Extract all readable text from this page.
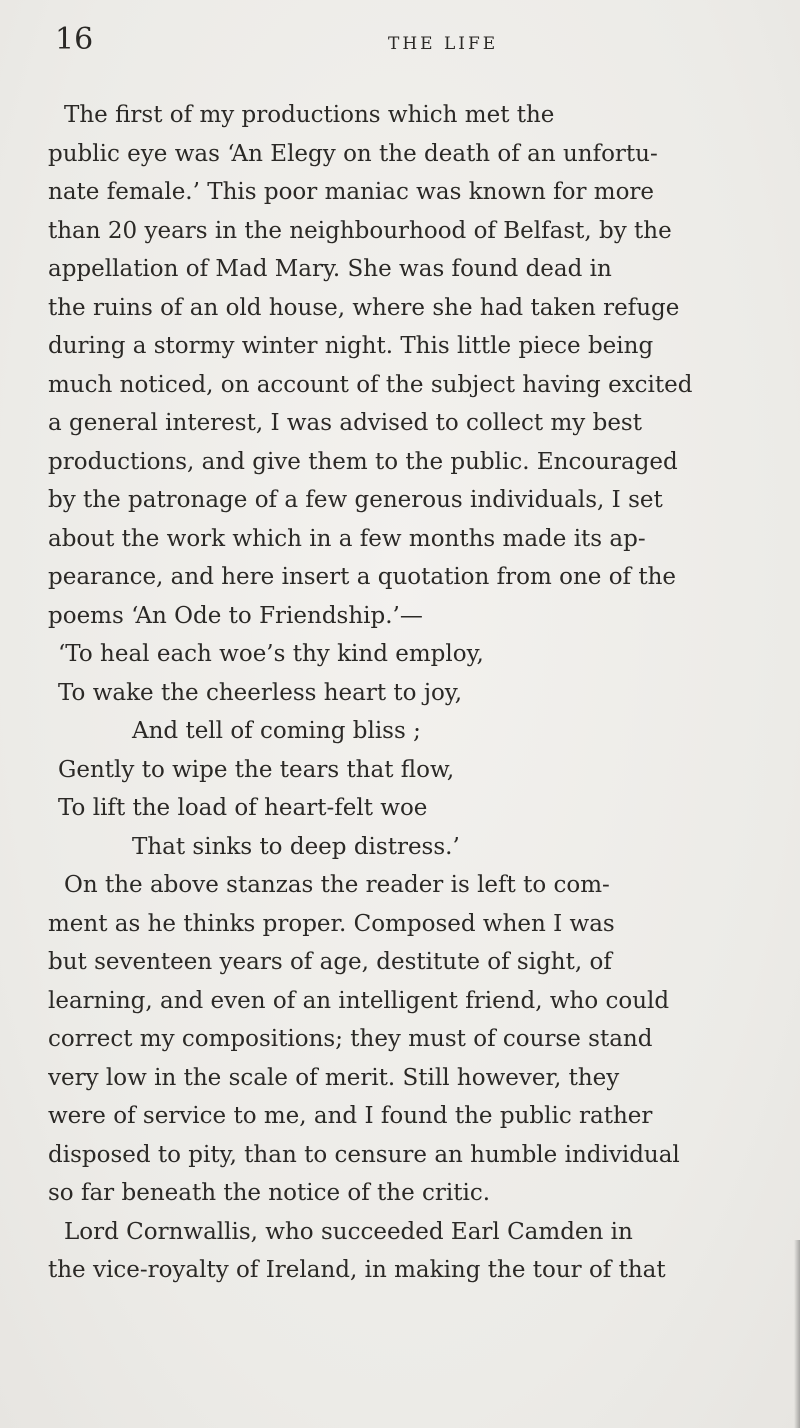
16	THE LIFE
The first of my productions which met the
public eye was ‘An Elegy on the death of an unfortu-
nate female.’ This poor maniac was known for more
than 20 years in the neighbourhood of Belfast, by the
appellation of Mad Mary. She was found dead in
the ruins of an old house, where she had taken refuge
during a stormy winter night. This little piece being
much noticed, on account of the subject having excited
a general interest, I was advised to collect my best
productions, and give them to the public. Encouraged
by the patronage of a few generous individuals, I set
about the work which in a few months made its ap-
pearance, and here insert a quotation from one of the
poems ‘An Ode to Friendship.’—
‘To heal each woe’s thy kind employ,
To wake the cheerless heart to joy,
And tell of coming bliss ;
Gently to wipe the tears that flow,
To lift the load of heart-felt woe
That sinks to deep distress.’
On the above stanzas the reader is left to com-
ment as he thinks proper. Composed when I was
but seventeen years of age, destitute of sight, of
learning, and even of an intelligent friend, who could
correct my compositions; they must of course stand
very low in the scale of merit. Still however, they
were of service to me, and I found the public rather
disposed to pity, than to censure an humble individual
so far beneath the notice of the critic.
Lord Cornwallis, who succeeded Earl Camden in
the vice-royalty of Ireland, in making the tour of that
